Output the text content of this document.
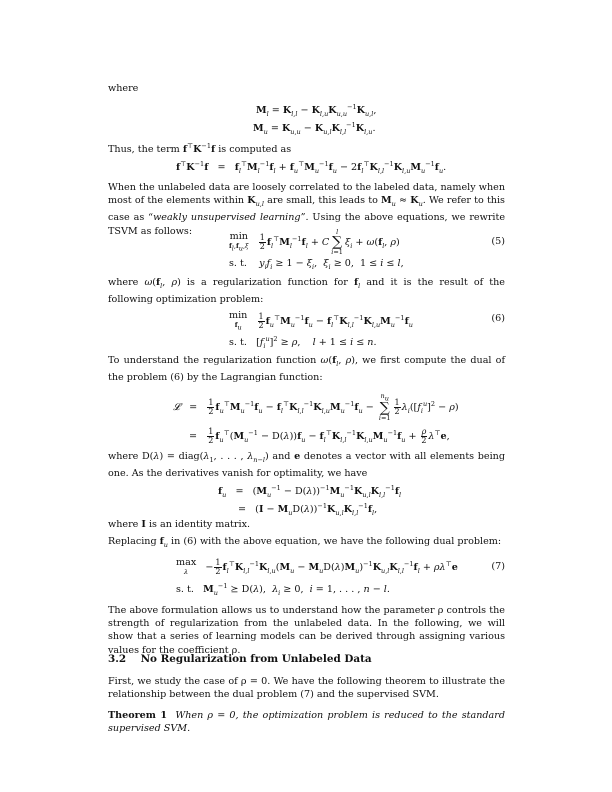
where

$M_l = K_{l,l} - K_{l,u}K_{u,u}^{-1}K_{u,l}$,
$M_u = K_{u,u} - K_{u,l}K_{l,l}^{-1}K_{l,u}$.

Thus, the term $f^⊤K^{-1}f$ is computed as

$f^⊤K^{-1}f = f_l^⊤M_l^{-1}f_l + f_u^⊤M_u^{-1}f_u - 2f_l^⊤K_{l,l}^{-1}K_{l,u}M_u^{-1}f_u$.

When the unlabeled data are loosely correlated to the labeled data, namely when most of the elements within $K_{u,l}$ are small, this leads to $M_u \approx K_u$. We refer to this case as “weakly unsupervised learning”. Using the above equations, we rewrite TSVM as follows:	min
$f_l,f_u,\xi \frac{1}{2} f_l^⊤M_l^{-1}f_l + Cl$
∑
$i=1\xi_i + \omega(f_l$, ρ)	(5)
s. t.    $y_if_i \ge 1 - \xi_i$,  $\xi_i \ge 0$,  1 ≤ i ≤ l,

where $\omega(f_l$, ρ) is a regularization function for $f_l$ and it is the result of the following optimization problem:

min
$f_u \frac{1}{2} f_u^⊤M_u^{-1}f_u - f_l^⊤K_{l,l}^{-1}K_{l,u}M_u^{-1}f_u$
(6)
s. t.   $[f_i^u]^2 \ge \rho$,    l + 1 ≤ i ≤ n.

To understand the regularization function $\omega(f_l$, ρ), we first compute the dual of the problem (6) by the Lagrangian function:

𝓛   = $\frac{1}{2} f_u^⊤M_u^{-1}f_u - f_l^⊤K_{l,l}^{-1}K_{l,u}M_u^{-1}f_u - n_u$
∑
i=1
$\frac{1}{2} \lambda_i([f_i^u]^2 - \rho)$
= $\frac{1}{2} f_u^⊤(M_u^{-1} - D(\lambda))f_u - f_l^⊤K_{l,l}^{-1}K_{l,u}M_u^{-1}f_u + \frac{\rho}{2} \lambda^⊤e$,

where $D(\lambda) = diag(\lambda_1$, . . . , $\lambda_{n-l}$) and e denotes a vector with all elements being one. As the derivatives vanish for optimality, we have

$f_u = (M_u^{-1} - D(\lambda))^{-1}M_u^{-1}K_{u,l}K_{l,l}^{-1}f_l$
=   $(I - M_uD(\lambda))^{-1}K_{u,l}K_{l,l}^{-1}f_l$,

where I is an identity matrix.

Replacing $f_u$ in (6) with the above equation, we have the following dual problem:

max
$\lambda - \frac{1}{2} f_l^⊤K_{l,l}^{-1}K_{l,u}(M_u - M_uD(\lambda)M_u)^{-1}K_{u,l}K_{l,l}^{-1}f_l + \rho\lambda^⊤e$	(7)
s. t.   $M_u^{-1}$ ⪰ D(λ),  $\lambda_i \ge 0$,  i = 1, . . . , n − l.

The above formulation allows us to understand how the parameter ρ controls the strength of regularization from the unlabeled data. In the following, we will show that a series of learning models can be derived through assigning various values for the coefficient ρ.

3.2 No Regularization from Unlabeled Data

First, we study the case of ρ = 0. We have the following theorem to illustrate the relationship between the dual problem (7) and the supervised SVM.

Theorem 1 When ρ = 0, the optimization problem is reduced to the standard supervised SVM.
